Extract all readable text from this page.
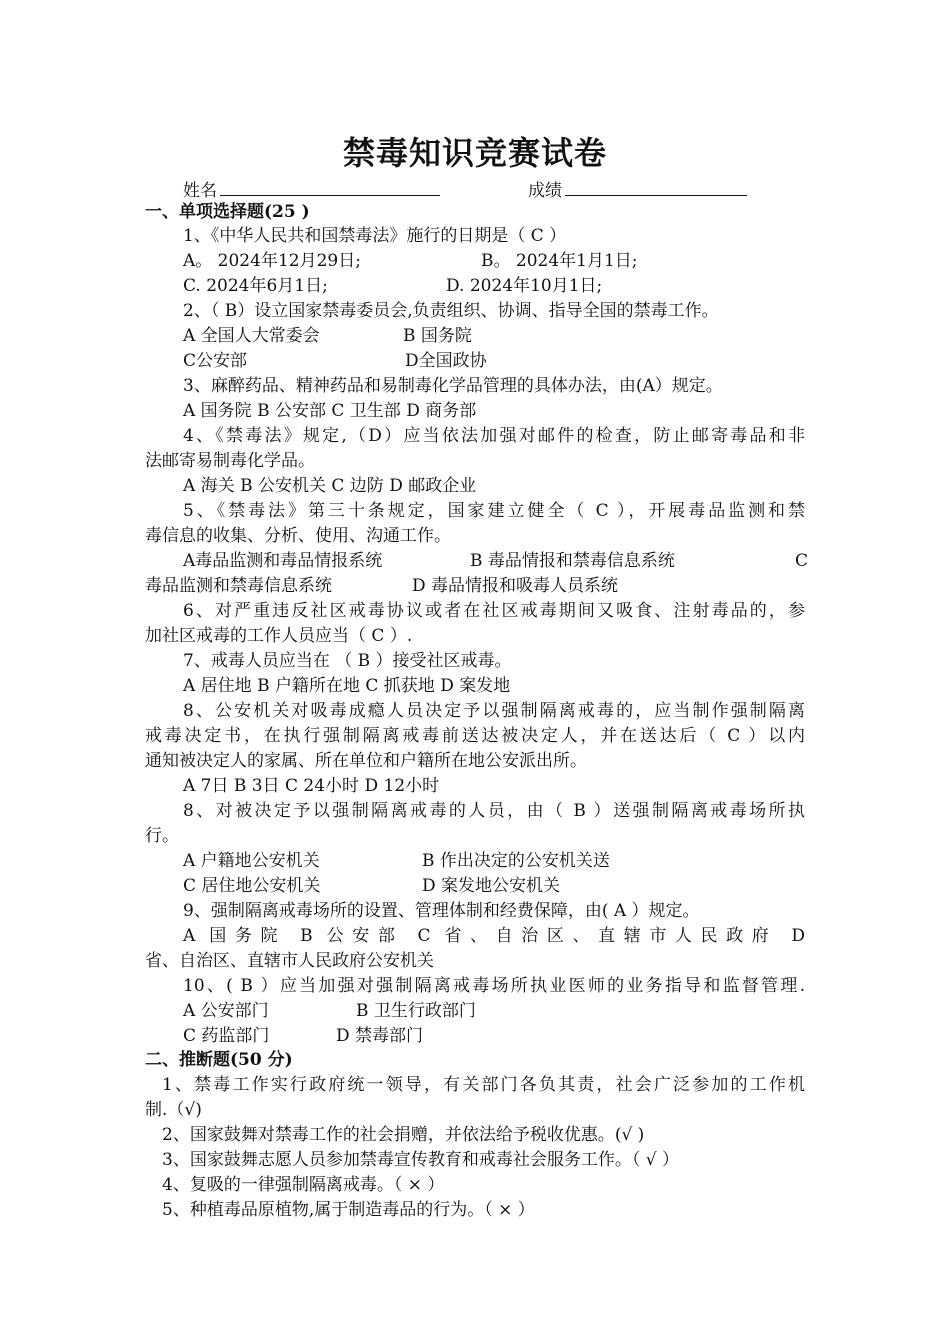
禁毒知识竞赛试卷
姓名	成绩
一、单项选择题(25 )
1、《中华人民共和国禁毒法》施行的日期是（ C ）
A。 2024年12月29日;	B。 2024年1月1日;
C. 2024年6月1日;	D. 2024年10月1日;
2、（ B）设立国家禁毒委员会,负责组织、协调、指导全国的禁毒工作。
A 全国人大常委会	B 国务院
C公安部	D全国政协
3、麻醉药品、精神药品和易制毒化学品管理的具体办法，由(A）规定。
A 国务院 B 公安部 C 卫生部 D 商务部
4、《禁毒法》规定,（D）应当依法加强对邮件的检查，防止邮寄毒品和非
法邮寄易制毒化学品。
A 海关 B 公安机关 C 边防 D 邮政企业
5、《禁毒法》第三十条规定，国家建立健全（ C ），开展毒品监测和禁
毒信息的收集、分析、使用、沟通工作。
A毒品监测和毒品情报系统	B 毒品情报和禁毒信息系统	C
毒品监测和禁毒信息系统	D 毒品情报和吸毒人员系统
6、对严重违反社区戒毒协议或者在社区戒毒期间又吸食、注射毒品的，参
加社区戒毒的工作人员应当（ C ）.
7、戒毒人员应当在 （ B ）接受社区戒毒。
A 居住地 B 户籍所在地 C 抓获地 D 案发地
8、公安机关对吸毒成瘾人员决定予以强制隔离戒毒的，应当制作强制隔离
戒毒决定书，在执行强制隔离戒毒前送达被决定人，并在送达后（ C ）以内
通知被决定人的家属、所在单位和户籍所在地公安派出所。
A 7日 B 3日 C 24小时 D 12小时
8、对被决定予以强制隔离戒毒的人员，由（ B ）送强制隔离戒毒场所执
行。
A 户籍地公安机关	B 作出决定的公安机关送
C 居住地公安机关	D 案发地公安机关
9、强制隔离戒毒场所的设置、管理体制和经费保障，由( A ）规定。
A 国务院 B 公安部 C 省、自治区、直辖市人民政府 D
省、自治区、直辖市人民政府公安机关
10、( B ）应当加强对强制隔离戒毒场所执业医师的业务指导和监督管理.
A 公安部门	B 卫生行政部门
C 药监部门	D 禁毒部门
二、推断题(50 分)
1、禁毒工作实行政府统一领导，有关部门各负其责，社会广泛参加的工作机
制.（√)
2、国家鼓舞对禁毒工作的社会捐赠，并依法给予税收优惠。(√ )
3、国家鼓舞志愿人员参加禁毒宣传教育和戒毒社会服务工作。（ √ ）
4、复吸的一律强制隔离戒毒。（ × ）
5、种植毒品原植物,属于制造毒品的行为。（ × ）
